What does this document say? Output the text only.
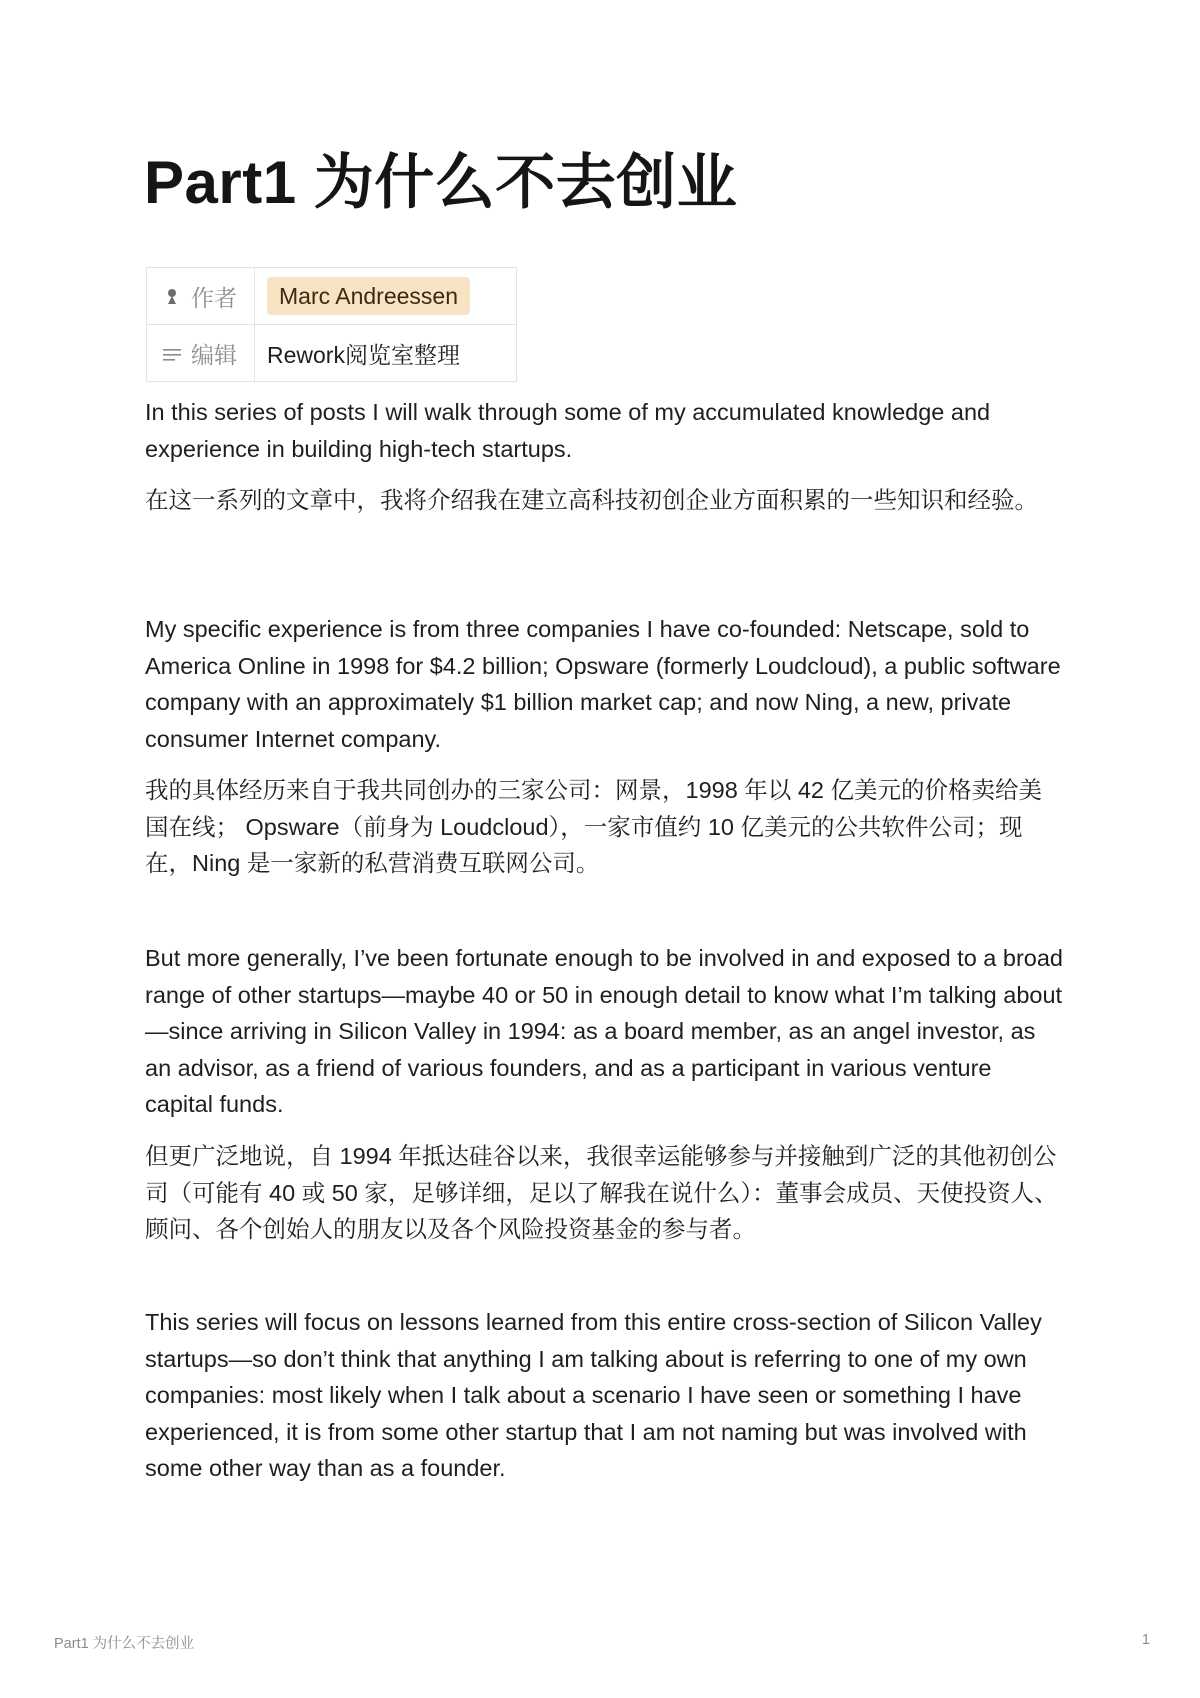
Part1 为什么不去创业
作者	Marc Andreessen
编辑	Rework阅览室整理

In this series of posts I will walk through some of my accumulated knowledge and experience in building high-tech startups.

在这一系列的文章中，我将介绍我在建立高科技初创企业方面积累的一些知识和经验。

My specific experience is from three companies I have co-founded: Netscape, sold to America Online in 1998 for $4.2 billion; Opsware (formerly Loudcloud), a public software company with an approximately $1 billion market cap; and now Ning, a new, private consumer Internet company.

我的具体经历来自于我共同创办的三家公司：网景，1998 年以 42 亿美元的价格卖给美国在线； Opsware（前身为 Loudcloud），一家市值约 10 亿美元的公共软件公司；现在，Ning 是一家新的私营消费互联网公司。

But more generally, I’ve been fortunate enough to be involved in and exposed to a broad range of other startups—maybe 40 or 50 in enough detail to know what I’m talking about—since arriving in Silicon Valley in 1994: as a board member, as an angel investor, as an advisor, as a friend of various founders, and as a participant in various venture capital funds.

但更广泛地说，自 1994 年抵达硅谷以来，我很幸运能够参与并接触到广泛的其他初创公司（可能有 40 或 50 家，足够详细，足以了解我在说什么）：董事会成员、天使投资人、顾问、各个创始人的朋友以及各个风险投资基金的参与者。

This series will focus on lessons learned from this entire cross-section of Silicon Valley startups—so don’t think that anything I am talking about is referring to one of my own companies: most likely when I talk about a scenario I have seen or something I have experienced, it is from some other startup that I am not naming but was involved with some other way than as a founder.

Part1 为什么不去创业	1
